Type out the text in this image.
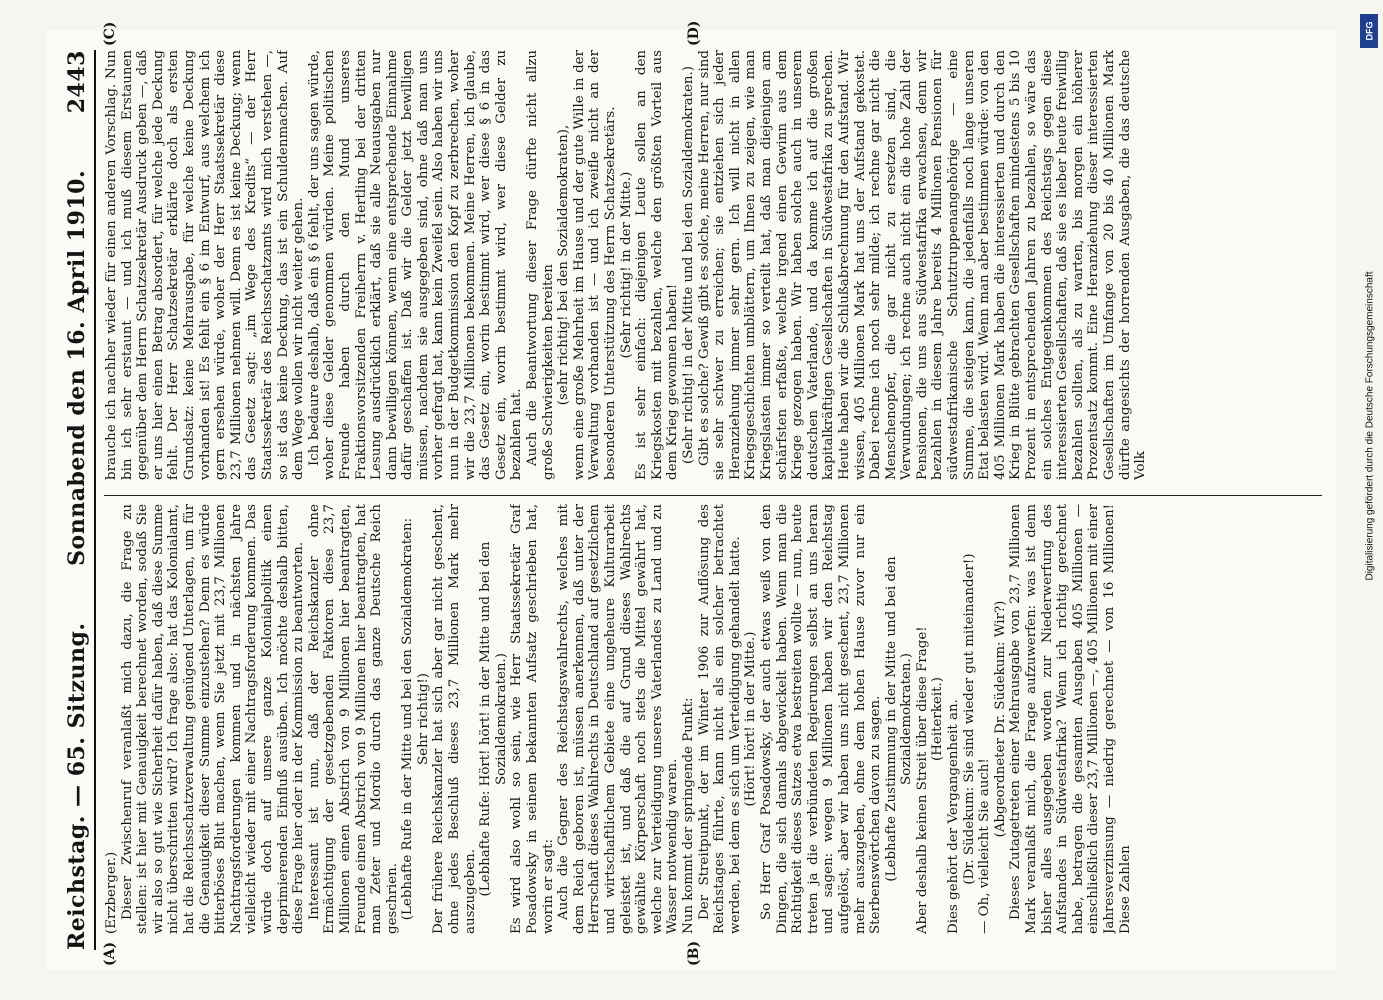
Reichstag. — 65. Sitzung.
Sonnabend den 16. April 1910.
2443
(A)	(B)
(C)	(D)

(Erzberger.) Dieser Zwischenruf veranlaßt mich dazu, die Frage zu stellen: ist hier mit Genauigkeit berechnet worden, sodaß Sie wir also so gut wie Sicherheit dafür haben, daß diese Summe nicht überschritten wird? Ich frage also: hat das Kolonialamt, hat die Reichsschatzverwaltung genügend Unterlagen, um für die Genauigkeit dieser Summe einzustehen? Denn es würde bitterböses Blut machen, wenn Sie jetzt mit 23,7 Millionen Nachtragsforderungen kommen und in nächsten Jahre vielleicht wieder mit einer Nachtragsforderung kommen. Das würde doch auf unsere ganze Kolonialpolitik einen deprimierenden Einfluß ausüben. Ich möchte deshalb bitten, diese Frage hier oder in der Kommission zu beantworten. Interessant ist nun, daß der Reichskanzler ohne Ermächtigung der gesetzgebenden Faktoren diese 23,7 Millionen einen Abstrich von 9 Millionen hier beantragten, Freunde einen Abstrich von 9 Millionen hier beantragten, hat man Zeter und Mordio durch das ganze Deutsche Reich geschrien. (Lebhafte Rufe in der Mitte und bei den Sozialdemokraten: Sehr richtig!) Der frühere Reichskanzler hat sich aber gar nicht geschent, ohne jedes Beschluß dieses 23,7 Millionen Mark mehr auszugeben. (Lebhafte Rufe: Hört! hört! in der Mitte und bei den Sozialdemokraten.) Es wird also wohl so sein, wie Herr Staatssekretär Graf Posadowsky in seinem bekannten Aufsatz geschrieben hat, worin er sagt: Auch die Gegner des Reichstagswahlrechts, welches mit dem Reich geboren ist, müssen anerkennen, daß unter der Herrschaft dieses Wahlrechts in Deutschland auf gesetzlichem und wirtschaftlichem Gebiete eine ungeheure Kulturarbeit geleistet ist, und daß die auf Grund dieses Wahlrechts gewählte Körperschaft noch stets die Mittel gewährt hat, welche zur Verteidigung unseres Vaterlandes zu Land und zu Wasser notwendig waren. Nun kommt der springende Punkt: Der Streitpunkt, der im Winter 1906 zur Auflösung des Reichstages führte, kann nicht als ein solcher betrachtet werden, bei dem es sich um Verteidigung gehandelt hatte. (Hört! hört! in der Mitte.) So Herr Graf Posadowsky, der auch etwas weiß von den Dingen, die sich damals abgewickelt haben. Wenn man die Richtigkeit dieses Satzes etwa bestreiten wollte — nun, heute treten ja die verbündeten Regierungen selbst an uns heran und sagen: wegen 9 Millionen haben wir den Reichstag aufgelöst, aber wir haben uns nicht geschent, 23,7 Millionen mehr auszugeben, ohne dem hohen Hause zuvor nur ein Sterbenswörtchen davon zu sagen. (Lebhafte Zustimmung in der Mitte und bei den Sozialdemokraten.) Aber deshalb keinen Streit über diese Frage! (Heiterkeit.) Dies gehört der Vergangenheit an. (Dr. Südekum: Sie sind wieder gut miteinander!) — Oh, vielleicht Sie auch!

(Abgeordneter Dr. Südekum: Wir?) Dieses Zutagetreten einer Mehrausgabe von 23,7 Millionen Mark veranlaßt mich, die Frage aufzuwerfen: was ist denn bisher alles ausgegeben worden zur Niederwerfung des Aufstandes in Südwestafrika? Wenn ich richtig gerechnet habe, betragen die gesamten Ausgaben 405 Millionen — einschließlich dieser 23,7 Millionen —, 405 Millionen mit einer Jahresverzinsung — niedrig gerechnet — von 16 Millionen! Diese Zahlen

brauche ich nachher wieder für einen anderen Vorschlag. Nun bin ich sehr erstaunt — und ich muß diesem Erstaunen gegenüber dem Herrn Schatzsekretär Ausdruck geben —, daß er uns hier einen Betrag absordert, für welche jede Deckung fehlt. Der Herr Schatzsekretär erklärte doch als ersten Grundsatz: keine Mehrausgabe, für welche keine Deckung vorhanden ist! Es fehlt ein § 6 im Entwurf, aus welchem ich gern ersehen würde, woher der Herr Staatssekretär diese 23,7 Millionen nehmen will. Denn es ist keine Deckung; wenn das Gesetz sagt: „im Wege des Kredits“ — der Herr Staatssekretär des Reichsschatzamts wird mich verstehen —, so ist das keine Deckung, das ist ein Schuldenmachen. Auf dem Wege wollen wir nicht weiter gehen. Ich bedaure deshalb, daß ein § 6 fehlt, der uns sagen würde, woher diese Gelder genommen würden. Meine politischen Freunde haben durch den Mund unseres Fraktionsvorsitzenden Freiherrn v. Hertling bei der dritten Lesung ausdrücklich erklärt, daß sie alle Neuausgaben nur dann bewilligen können, wenn eine entsprechende Einnahme dafür geschaffen ist. Daß wir die Gelder jetzt bewilligen müssen, nachdem sie ausgegeben sind, ohne daß man uns vorher gefragt hat, kann kein Zweifel sein. Also haben wir uns nun in der Budgetkommission den Kopf zu zerbrechen, woher wir die 23,7 Millionen bekommen. Meine Herren, ich glaube, das Gesetz ein, worin bestimmt wird, wer diese § 6 in das Gesetz ein, worin bestimmt wird, wer diese Gelder zu bezahlen hat. Auch die Beantwortung dieser Frage dürfte nicht allzu große Schwierigkeiten bereiten (sehr richtig! bei den Sozialdemokraten), wenn eine große Mehrheit im Hause und der gute Wille in der Verwaltung vorhanden ist — und ich zweifle nicht an der besonderen Unterstützung des Herrn Schatzsekretärs. (Sehr richtig! in der Mitte.) Es ist sehr einfach: diejenigen Leute sollen an den Kriegskosten mit bezahlen, welche den größten Vorteil aus dem Krieg gewonnen haben! (Sehr richtig! in der Mitte und bei den Sozialdemokraten.) Gibt es solche? Gewiß gibt es solche, meine Herren, nur sind sie sehr schwer zu erreichen; sie entziehen sich jeder Heranziehung immer sehr gern. Ich will nicht in allen Kriegsgeschichten umblättern, um Ihnen zu zeigen, wie man Kriegslasten immer so verteilt hat, daß man diejenigen am schärfsten erfaßte, welche irgend einen Gewinn aus dem Kriege gezogen haben. Wir haben solche auch in unserem deutschen Vaterlande, und da komme ich auf die großen kapitalkräftigen Gesellschaften in Südwestafrika zu sprechen. Heute haben wir die Schlußabrechnung für den Aufstand. Wir wissen, 405 Millionen Mark hat uns der Aufstand gekostet. Dabei rechne ich noch sehr milde; ich rechne gar nicht die Menschenopfer, die gar nicht zu ersetzen sind, die Verwundungen; ich rechne auch nicht ein die hohe Zahl der Pensionen, die uns aus Südwestafrika erwachsen, denn wir bezahlen in diesem Jahre bereits 4 Millionen Pensionen für südwestafrikanische Schutztruppenangehörige — eine Summe, die steigen kann, die jedenfalls noch lange unseren Etat belasten wird. Wenn man aber bestimmen würde: von den 405 Millionen Mark haben die interessierten und durch den Krieg in Blüte gebrachten Gesellschaften mindestens 5 bis 10 Prozent in entsprechenden Jahren zu bezahlen, so wäre das ein solches Entgegenkommen des Reichstags gegen diese interessierten Gesellschaften, daß sie es lieber heute freiwillig bezahlen sollten, als zu warten, bis morgen ein höherer Prozentsatz kommt. Eine Heranziehung dieser interessierten Gesellschaften im Umfange von 20 bis 40 Millionen Mark dürfte angesichts der horrenden Ausgaben, die das deutsche Volk

DFG
Digitalisierung gefördert durch die Deutsche Forschungsgemeinschaft
